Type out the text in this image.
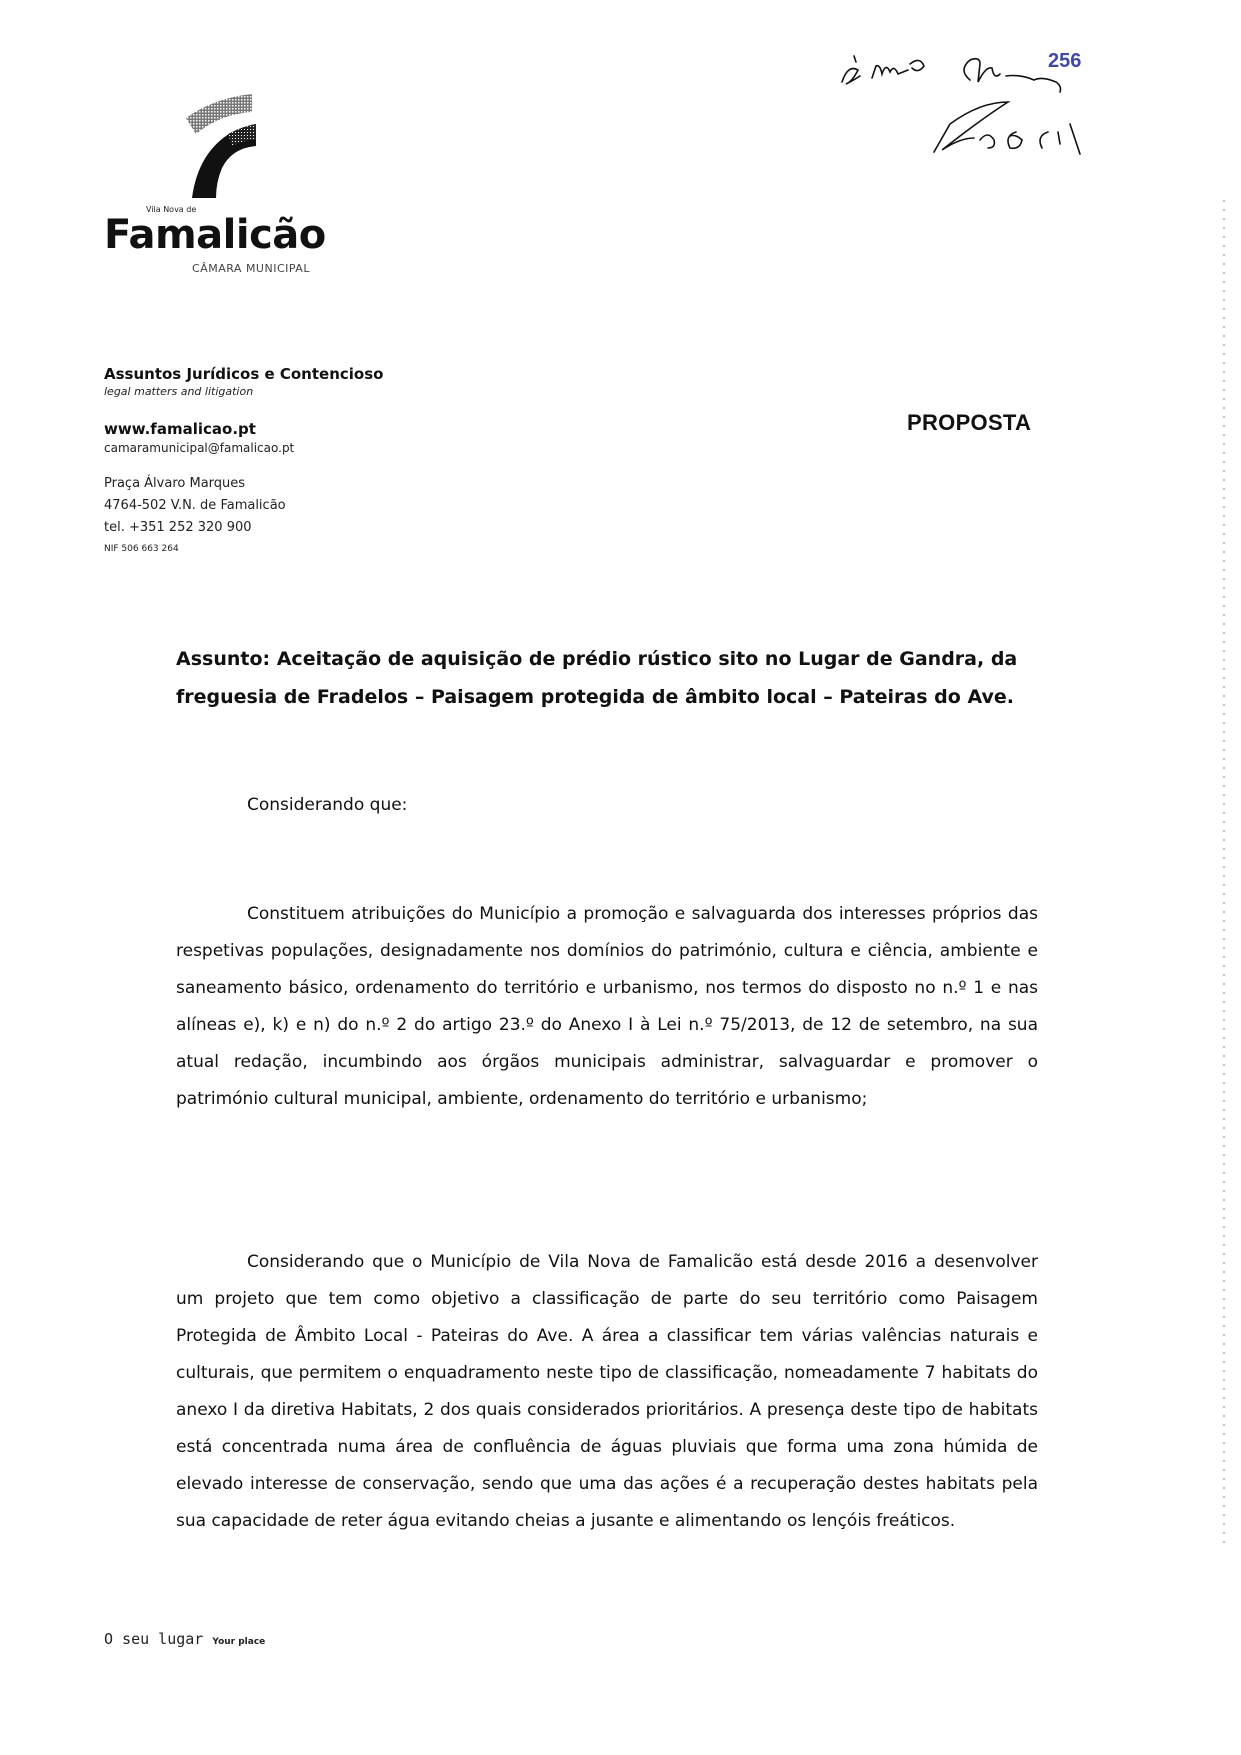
Vila Nova de
Famalicão
CÂMARA MUNICIPAL
256

Assuntos Jurídicos e Contencioso

legal matters and litigation

www.famalicao.pt

camaramunicipal@famalicao.pt

Praça Álvaro Marques

4764-502 V.N. de Famalicão

tel. +351 252 320 900

NIF 506 663 264

PROPOSTA
Assunto: Aceitação de aquisição de prédio rústico sito no Lugar de Gandra, da freguesia de Fradelos – Paisagem protegida de âmbito local – Pateiras do Ave.
Considerando que:

Constituem atribuições do Município a promoção e salvaguarda dos interesses próprios das respetivas populações, designadamente nos domínios do património, cultura e ciência, ambiente e saneamento básico, ordenamento do território e urbanismo, nos termos do disposto no n.º 1 e nas alíneas e), k) e n) do n.º 2 do artigo 23.º do Anexo I à Lei n.º 75/2013, de 12 de setembro, na sua atual redação, incumbindo aos órgãos municipais administrar, salvaguardar e promover o património cultural municipal, ambiente, ordenamento do território e urbanismo;

Considerando que o Município de Vila Nova de Famalicão está desde 2016 a desenvolver um projeto que tem como objetivo a classificação de parte do seu território como Paisagem Protegida de Âmbito Local - Pateiras do Ave. A área a classificar tem várias valências naturais e culturais, que permitem o enquadramento neste tipo de classificação, nomeadamente 7 habitats do anexo I da diretiva Habitats, 2 dos quais considerados prioritários. A presença deste tipo de habitats está concentrada numa área de confluência de águas pluviais que forma uma zona húmida de elevado interesse de conservação, sendo que uma das ações é a recuperação destes habitats pela sua capacidade de reter água evitando cheias a jusante e alimentando os lençóis freáticos.

O seu lugar Your place
